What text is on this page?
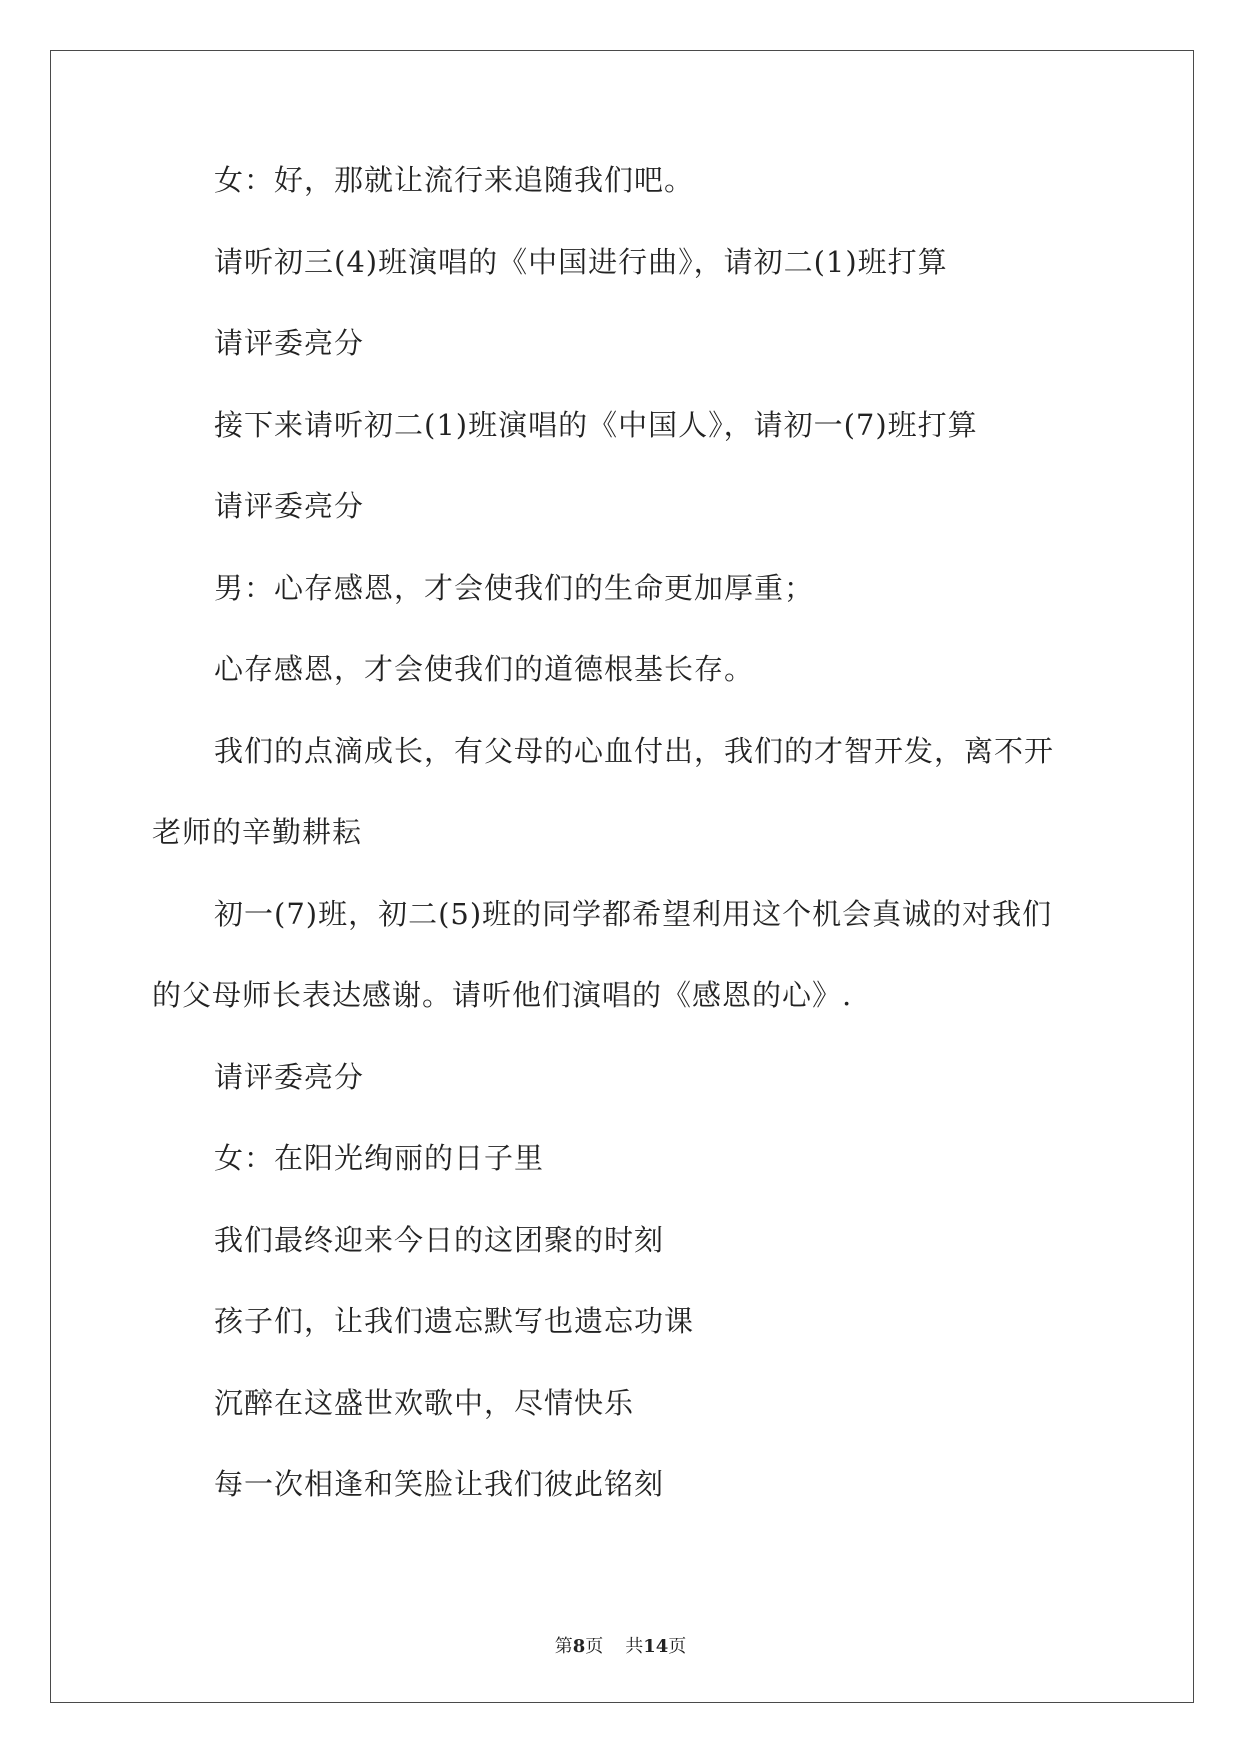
女：好，那就让流行来追随我们吧。
请听初三(4)班演唱的《中国进行曲》，请初二(1)班打算
请评委亮分
接下来请听初二(1)班演唱的《中国人》，请初一(7)班打算
请评委亮分
男：心存感恩，才会使我们的生命更加厚重；
心存感恩，才会使我们的道德根基长存。
我们的点滴成长，有父母的心血付出，我们的才智开发，离不开
老师的辛勤耕耘
初一(7)班，初二(5)班的同学都希望利用这个机会真诚的对我们
的父母师长表达感谢。请听他们演唱的《感恩的心》.
请评委亮分
女：在阳光绚丽的日子里
我们最终迎来今日的这团聚的时刻
孩子们，让我们遗忘默写也遗忘功课
沉醉在这盛世欢歌中，尽情快乐
每一次相逢和笑脸让我们彼此铭刻
第8页 共14页
